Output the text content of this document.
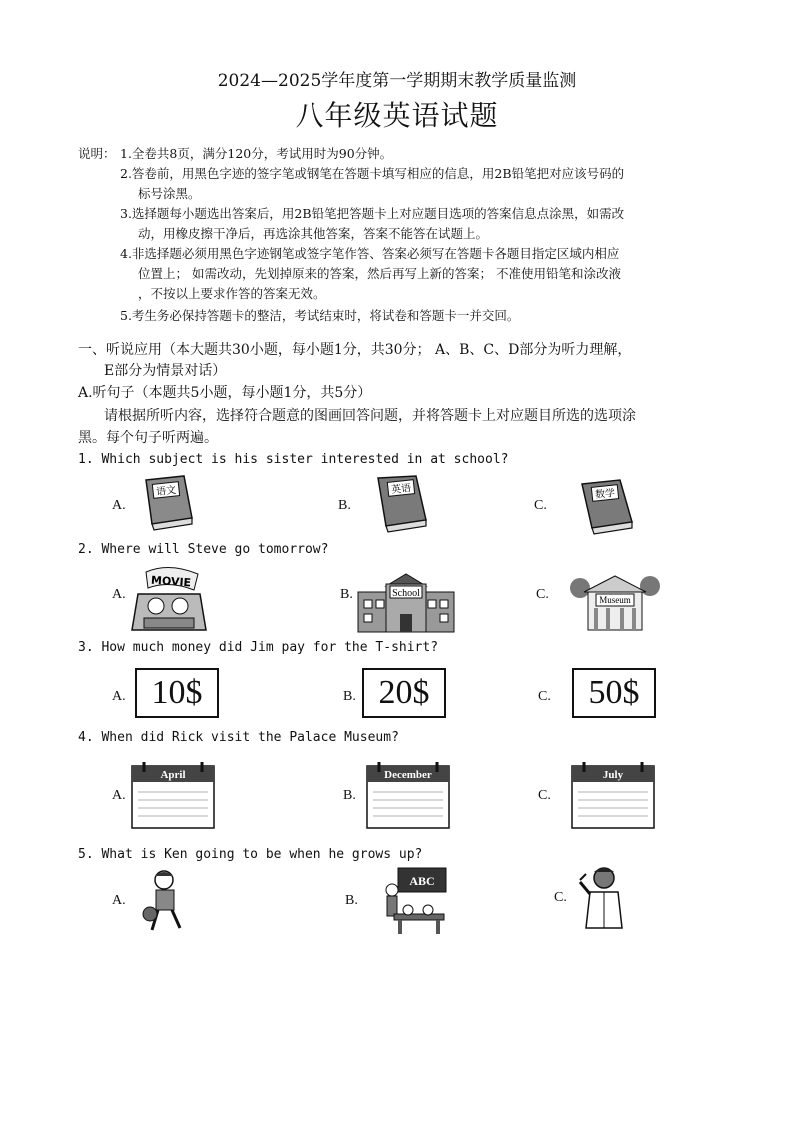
2024—2025学年度第一学期期末教学质量监测
八年级英语试题
说明： 1.全卷共8页，满分120分，考试用时为90分钟。
2.答卷前，用黑色字迹的签字笔或钢笔在答题卡填写相应的信息，用2B铅笔把对应该号码的
标号涂黑。
3.选择题每小题选出答案后，用2B铅笔把答题卡上对应题目选项的答案信息点涂黑，如需改
动，用橡皮擦干净后，再选涂其他答案，答案不能答在试题上。
4.非选择题必须用黑色字迹钢笔或签字笔作答、答案必须写在答题卡各题目指定区域内相应
位置上； 如需改动，先划掉原来的答案，然后再写上新的答案； 不准使用铅笔和涂改液
，不按以上要求作答的答案无效。
5.考生务必保持答题卡的整洁，考试结束时，将试卷和答题卡一并交回。
一、听说应用（本大题共30小题，每小题1分，共30分； A、B、C、D部分为听力理解，
E部分为情景对话）
A.听句子（本题共5小题，每小题1分，共5分）
请根据所听内容，选择符合题意的图画回答问题，并将答题卡上对应题目所选的选项涂
黑。每个句子听两遍。
1. Which subject is his sister interested in at school?
A.	B.	C.
语文	英语	数学
2. Where will Steve go tomorrow?
A.	B.	C.
MOVIE
School
Museum
3. How much money did Jim pay for the T-shirt?
A.	B.	C.
10$	20$	50$
4. When did Rick visit the Palace Museum?
A.	B.	C.
April	December	July
5. What is Ken going to be when he grows up?
A.	B.	C.
ABC
